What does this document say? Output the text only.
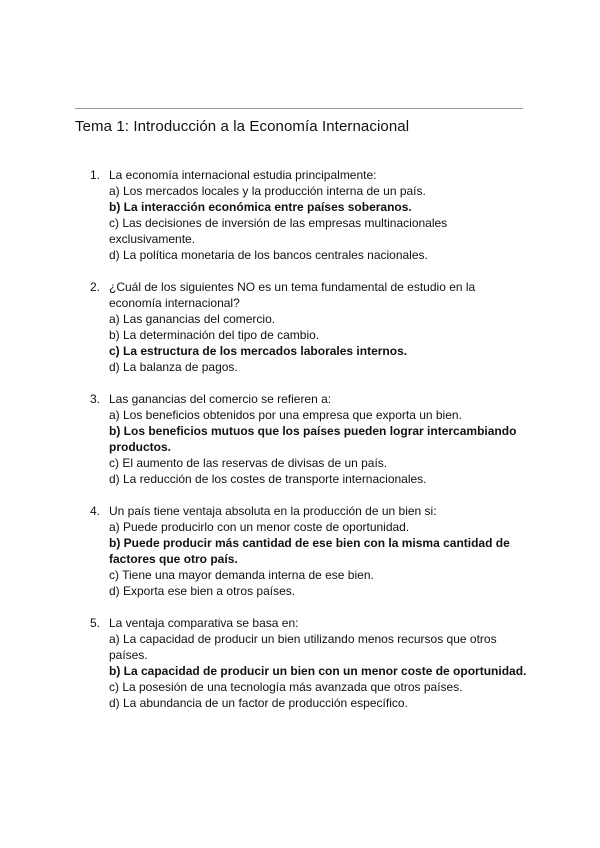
Tema 1: Introducción a la Economía Internacional
1. La economía internacional estudia principalmente:
a) Los mercados locales y la producción interna de un país.
b) La interacción económica entre países soberanos.
c) Las decisiones de inversión de las empresas multinacionales exclusivamente.
d) La política monetaria de los bancos centrales nacionales.
2. ¿Cuál de los siguientes NO es un tema fundamental de estudio en la economía internacional?
a) Las ganancias del comercio.
b) La determinación del tipo de cambio.
c) La estructura de los mercados laborales internos.
d) La balanza de pagos.
3. Las ganancias del comercio se refieren a:
a) Los beneficios obtenidos por una empresa que exporta un bien.
b) Los beneficios mutuos que los países pueden lograr intercambiando productos.
c) El aumento de las reservas de divisas de un país.
d) La reducción de los costes de transporte internacionales.
4. Un país tiene ventaja absoluta en la producción de un bien si:
a) Puede producirlo con un menor coste de oportunidad.
b) Puede producir más cantidad de ese bien con la misma cantidad de factores que otro país.
c) Tiene una mayor demanda interna de ese bien.
d) Exporta ese bien a otros países.
5. La ventaja comparativa se basa en:
a) La capacidad de producir un bien utilizando menos recursos que otros países.
b) La capacidad de producir un bien con un menor coste de oportunidad.
c) La posesión de una tecnología más avanzada que otros países.
d) La abundancia de un factor de producción específico.
